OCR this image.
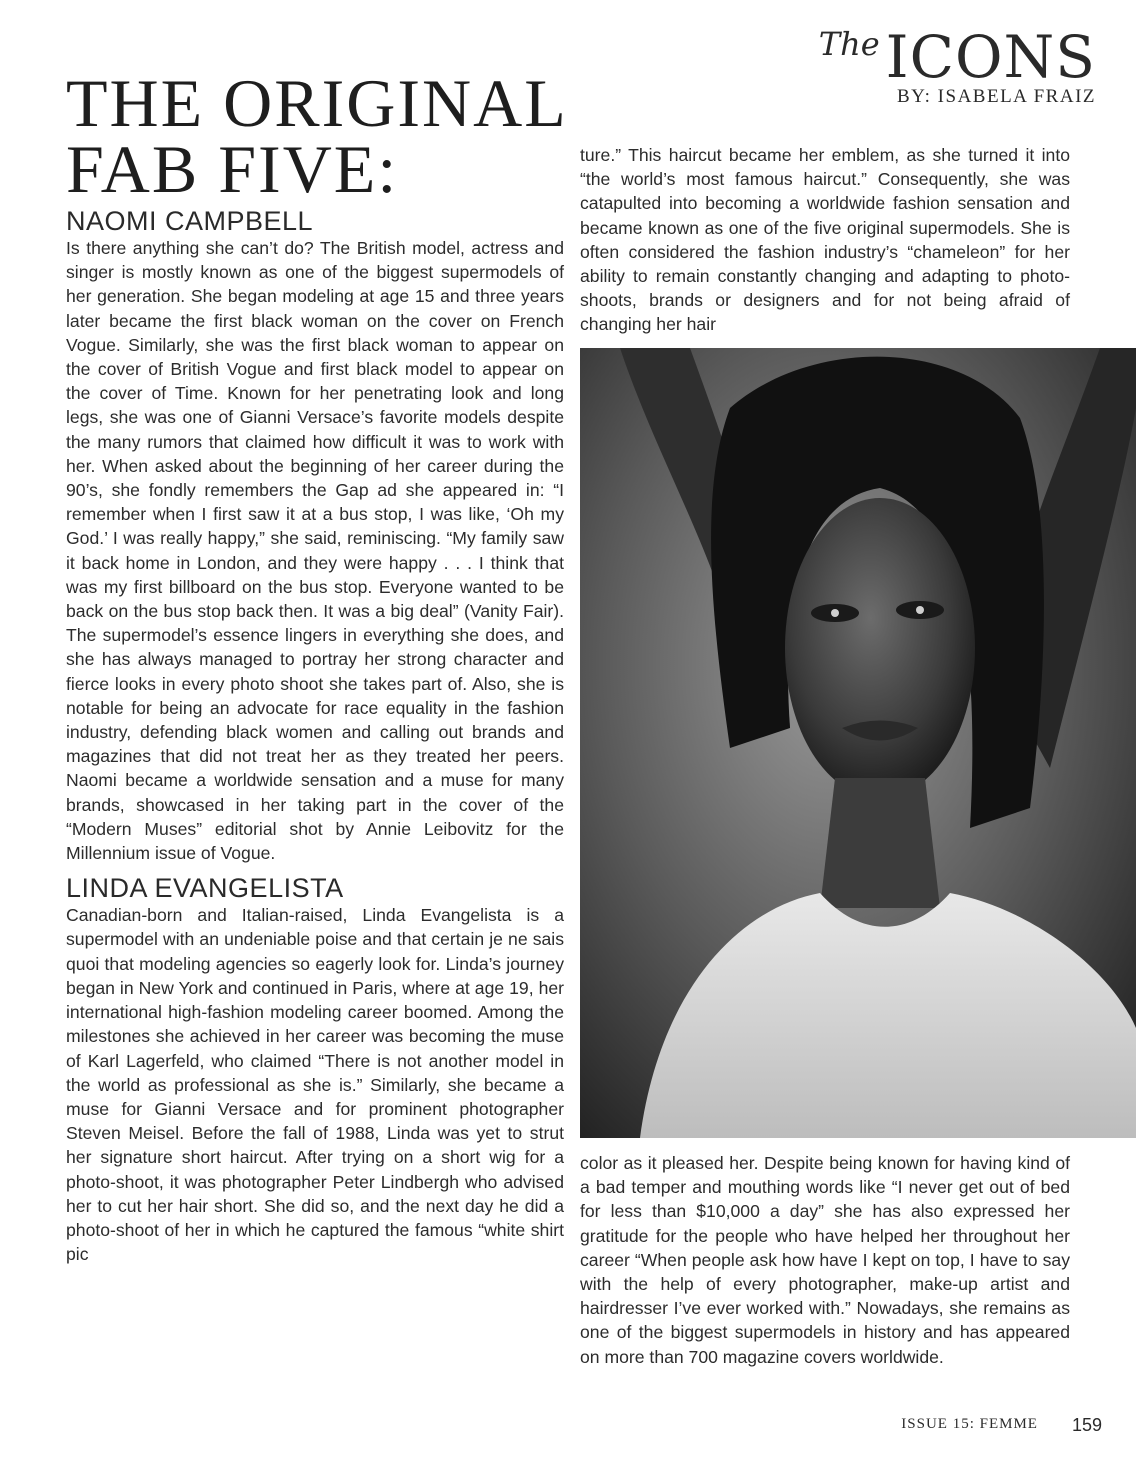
The ICONS
BY: ISABELA FRAIZ
THE ORIGINAL
FAB FIVE:
NAOMI CAMPBELL

Is there anything she can’t do? The British model, actress and singer is mostly known as one of the biggest supermodels of her generation. She began modeling at age 15 and three years later became the first black woman on the cover on French Vogue. Similarly, she was the first black woman to appear on the cover of British Vogue and first black model to appear on the cover of Time. Known for her penetrating look and long legs, she was one of Gianni Versace’s favorite models despite the many rumors that claimed how difficult it was to work with her. When asked about the beginning of her career during the 90’s, she fondly remembers the Gap ad she appeared in: “I remember when I first saw it at a bus stop, I was like, ‘Oh my God.’ I was really happy,” she said, reminiscing. “My family saw it back home in London, and they were happy . . . I think that was my first billboard on the bus stop. Everyone wanted to be back on the bus stop back then. It was a big deal” (Vanity Fair). The supermodel’s essence lingers in everything she does, and she has always managed to portray her strong character and fierce looks in every photo shoot she takes part of. Also, she is notable for being an advocate for race equality in the fashion industry, defending black women and calling out brands and magazines that did not treat her as they treated her peers. Naomi became a worldwide sensation and a muse for many brands, showcased in her taking part in the cover of the “Modern Muses” editorial shot by Annie Leibovitz for the Millennium issue of Vogue.

LINDA EVANGELISTA

Canadian-born and Italian-raised, Linda Evangelista is a supermodel with an undeniable poise and that certain je ne sais quoi that modeling agencies so eagerly look for. Linda’s journey began in New York and continued in Paris, where at age 19, her international high-fashion modeling career boomed. Among the milestones she achieved in her career was becoming the muse of Karl Lagerfeld, who claimed “There is not another model in the world as professional as she is.” Similarly, she became a muse for Gianni Versace and for prominent photographer Steven Meisel. Before the fall of 1988, Linda was yet to strut her signature short haircut. After trying on a short wig for a photo-shoot, it was photographer Peter Lindbergh who advised her to cut her hair short. She did so, and the next day he did a photo-shoot of her in which he captured the famous “white shirt pic

ture.” This haircut became her emblem, as she turned it into “the world’s most famous haircut.” Consequently, she was catapulted into becoming a worldwide fashion sensation and became known as one of the five original supermodels. She is often considered the fashion industry’s “chameleon” for her ability to remain constantly changing and adapting to photo-shoots, brands or designers and for not being afraid of changing her hair

color as it pleased her. Despite being known for having kind of a bad temper and mouthing words like “I never get out of bed for less than $10,000 a day” she has also expressed her gratitude for the people who have helped her throughout her career “When people ask how have I kept on top, I have to say with the help of every photographer, make-up artist and hairdresser I’ve ever worked with.” Nowadays, she remains as one of the biggest supermodels in history and has appeared on more than 700 magazine covers worldwide.

ISSUE 15: FEMME 159
